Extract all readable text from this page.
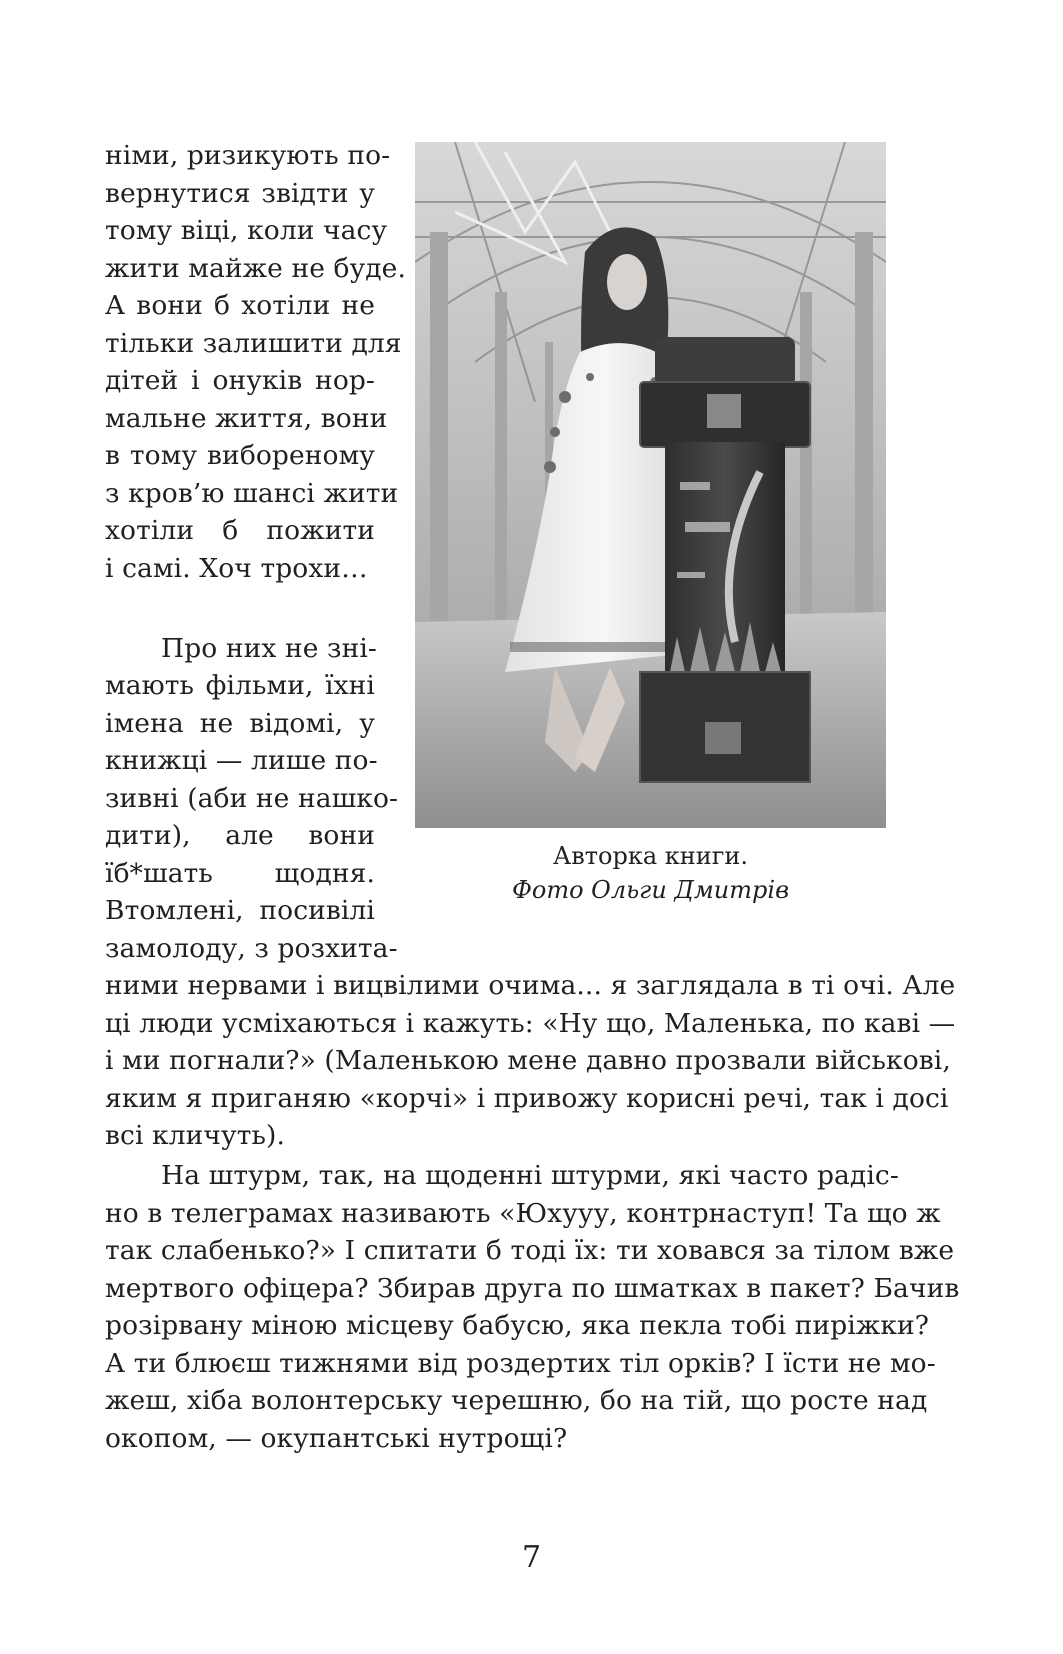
німи, ризикують по-
вернутися звідти у
тому віці, коли часу
жити майже не буде.
А вони б хотіли не
тільки залишити для
дітей і онуків нор-
мальне життя, вони
в тому виборeному
з кров’ю шансі жити
хотіли б пожити
і самі. Хоч трохи…
Про них не зні-
мають фільми, їхні
імена не відомі, у
книжці — лише по-
зивні (аби не нашко-
дити), але вони
їб*шать щодня.
Втомлені, посивілі
замолоду, з розхита-
Авторка книги.
Фото Ольги Дмитрів
ними нервами і вицвілими очима... я заглядала в ті очі. Але
ці люди усміхаються і кажуть: «Ну що, Маленька, по каві —
і ми погнали?» (Маленькою мене давно прозвали військові,
яким я приганяю «корчі» і привожу корисні речі, так і досі
всі кличуть).
На штурм, так, на щоденні штурми, які часто радіс-
но в телеграмах називають «Юхууу, контрнаступ! Та що ж
так слабенько?» І спитати б тоді їх: ти ховався за тілом вже
мертвого офіцера? Збирав друга по шматках в пакет? Бачив
розірвану міною місцеву бабусю, яка пекла тобі пиріжки?
А ти блюєш тижнями від роздертих тіл орків? І їсти не мо-
жеш, хіба волонтерську черешню, бо на тій, що росте над
окопом, — окупантські нутрощі?
7
